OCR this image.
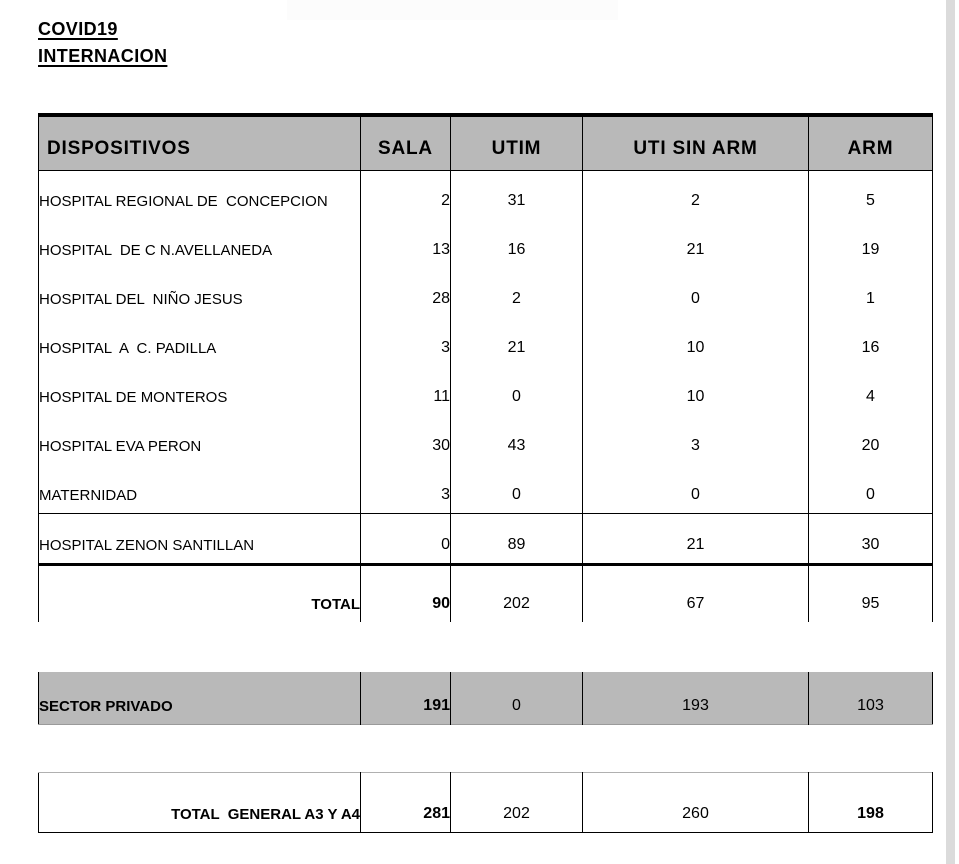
COVID19
INTERNACION
DISPOSITIVOS	SALA	UTIM	UTI SIN ARM	ARM
HOSPITAL REGIONAL DE  CONCEPCION	2	31	2	5
HOSPITAL  DE C N.AVELLANEDA	13	16	21	19
HOSPITAL DEL  NIÑO JESUS	28	2	0	1
HOSPITAL  A  C. PADILLA	3	21	10	16
HOSPITAL DE MONTEROS	11	0	10	4
HOSPITAL EVA PERON	30	43	3	20
MATERNIDAD	3	0	0	0
HOSPITAL ZENON SANTILLAN	0	89	21	30
TOTAL	90	202	67	95
SECTOR PRIVADO	191	0	193	103
TOTAL  GENERAL A3 Y A4	281	202	260	198
